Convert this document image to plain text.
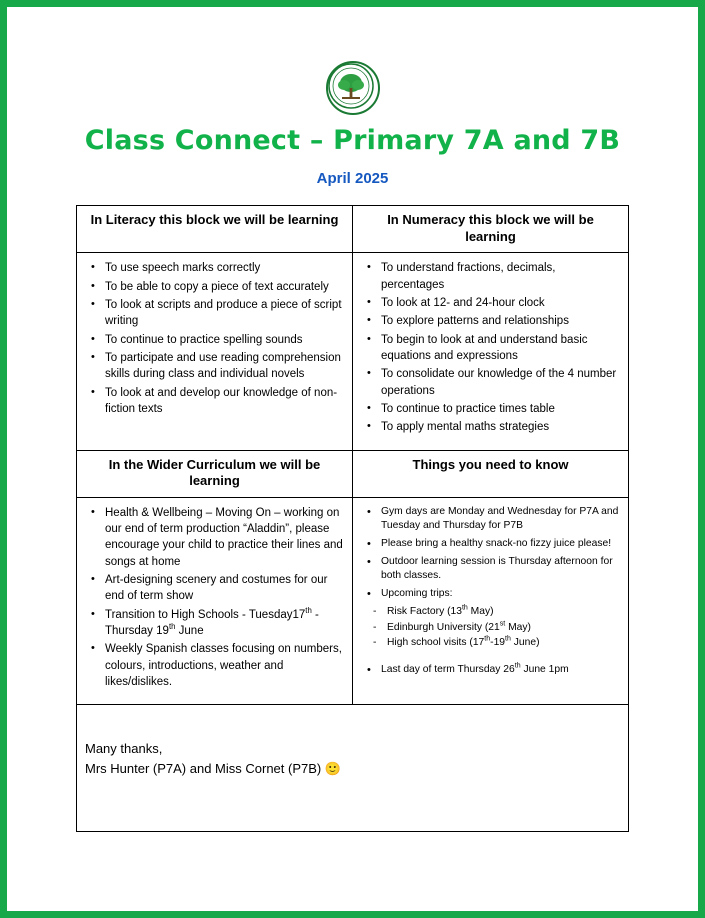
Class Connect – Primary 7A and 7B
April 2025
In Literacy this block we will be learning	In Numeracy this block we will be learning

• To use speech marks correctly
• To be able to copy a piece of text accurately
• To look at scripts and produce a piece of script writing
• To continue to practice spelling sounds
• To participate and use reading comprehension skills during class and individual novels
• To look at and develop our knowledge of non-fiction texts

• To understand fractions, decimals, percentages
• To look at 12- and 24-hour clock
• To explore patterns and relationships
• To begin to look at and understand basic equations and expressions
• To consolidate our knowledge of the 4 number operations
• To continue to practice times table
• To apply mental maths strategies

In the Wider Curriculum we will be learning	Things you need to know

• Health & Wellbeing – Moving On – working on our end of term production “Aladdin”, please encourage your child to practice their lines and songs at home
• Art-designing scenery and costumes for our end of term show
• Transition to High Schools - Tuesday17th - Thursday 19th June
• Weekly Spanish classes focusing on numbers, colours, introductions, weather and likes/dislikes.

• Gym days are Monday and Wednesday for P7A and Tuesday and Thursday for P7B
• Please bring a healthy snack-no fizzy juice please!
• Outdoor learning session is Thursday afternoon for both classes.
• Upcoming trips:
- Risk Factory (13th May)
- Edinburgh University (21st May)
- High school visits (17th-19th June)
• Last day of term Thursday 26th June 1pm

Many thanks,

Mrs Hunter (P7A) and Miss Cornet (P7B) 🙂	
